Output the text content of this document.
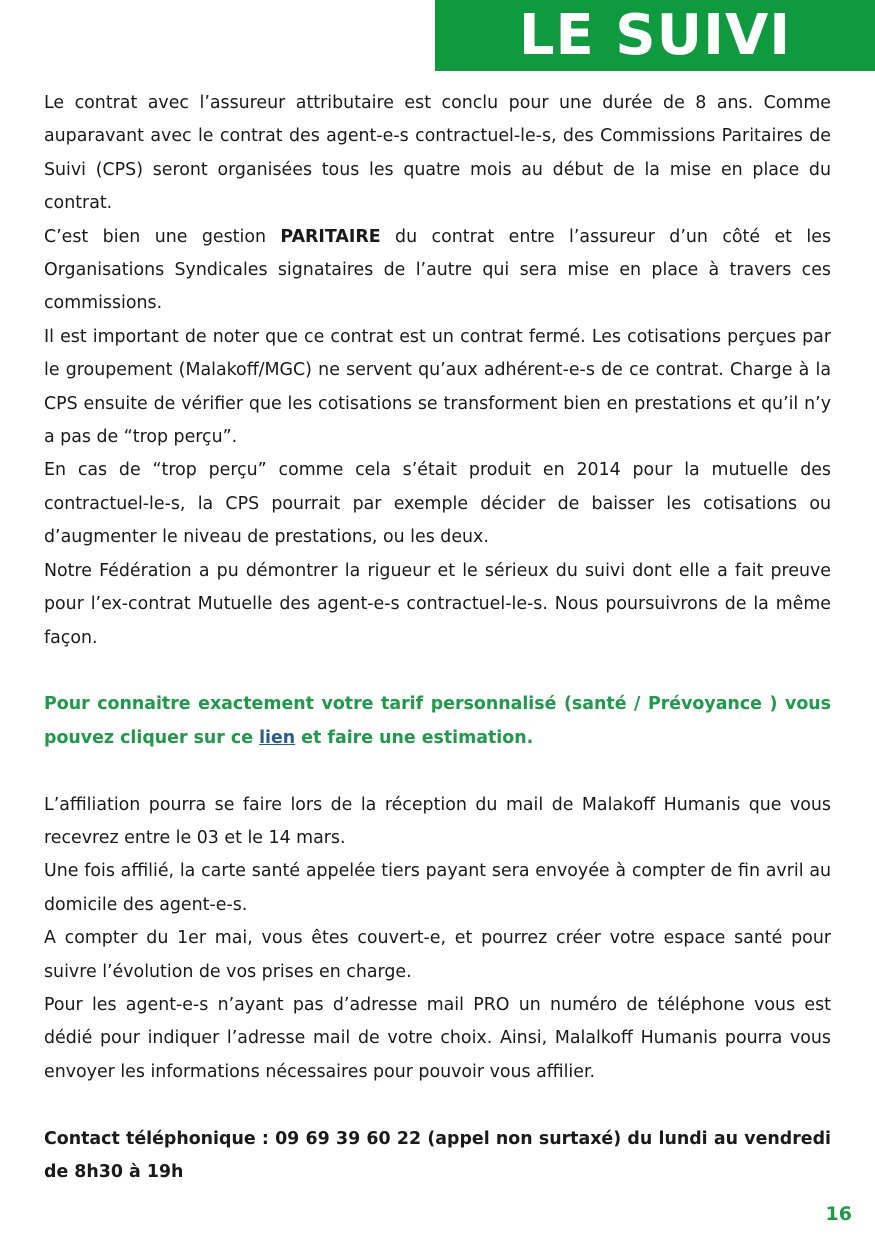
LE SUIVI

Le contrat avec l’assureur attributaire est conclu pour une durée de 8 ans. Comme auparavant avec le contrat des agent-e-s contractuel-le-s, des Commissions Paritaires de Suivi (CPS) seront organisées tous les quatre mois au début de la mise en place du contrat.

C’est bien une gestion PARITAIRE du contrat entre l’assureur d’un côté et les Organisations Syndicales signataires de l’autre qui sera mise en place à travers ces commissions.

Il est important de noter que ce contrat est un contrat fermé. Les cotisations perçues par le groupement (Malakoff/MGC) ne servent qu’aux adhérent-e-s de ce contrat. Charge à la CPS ensuite de vérifier que les cotisations se transforment bien en prestations et qu’il n’y a pas de “trop perçu”.

En cas de “trop perçu” comme cela s’était produit en 2014 pour la mutuelle des contractuel-le-s, la CPS pourrait par exemple décider de baisser les cotisations ou d’augmenter le niveau de prestations, ou les deux.

Notre Fédération a pu démontrer la rigueur et le sérieux du suivi dont elle a fait preuve pour l’ex-contrat Mutuelle des agent-e-s contractuel-le-s. Nous poursuivrons de la même façon.

Pour connaitre exactement votre tarif personnalisé (santé / Prévoyance ) vous pouvez cliquer sur ce lien et faire une estimation.

L’affiliation pourra se faire lors de la réception du mail de Malakoff Humanis que vous recevrez entre le 03 et le 14 mars.

Une fois affilié, la carte santé appelée tiers payant sera envoyée à compter de fin avril au domicile des agent-e-s.

A compter du 1er mai, vous êtes couvert-e, et pourrez créer votre espace santé pour suivre l’évolution de vos prises en charge.

Pour les agent-e-s n’ayant pas d’adresse mail PRO un numéro de téléphone vous est dédié pour indiquer l’adresse mail de votre choix. Ainsi, Malalkoff Humanis pourra vous envoyer les informations nécessaires pour pouvoir vous affilier.

Contact téléphonique : 09 69 39 60 22 (appel non surtaxé) du lundi au vendredi de 8h30 à 19h

16
